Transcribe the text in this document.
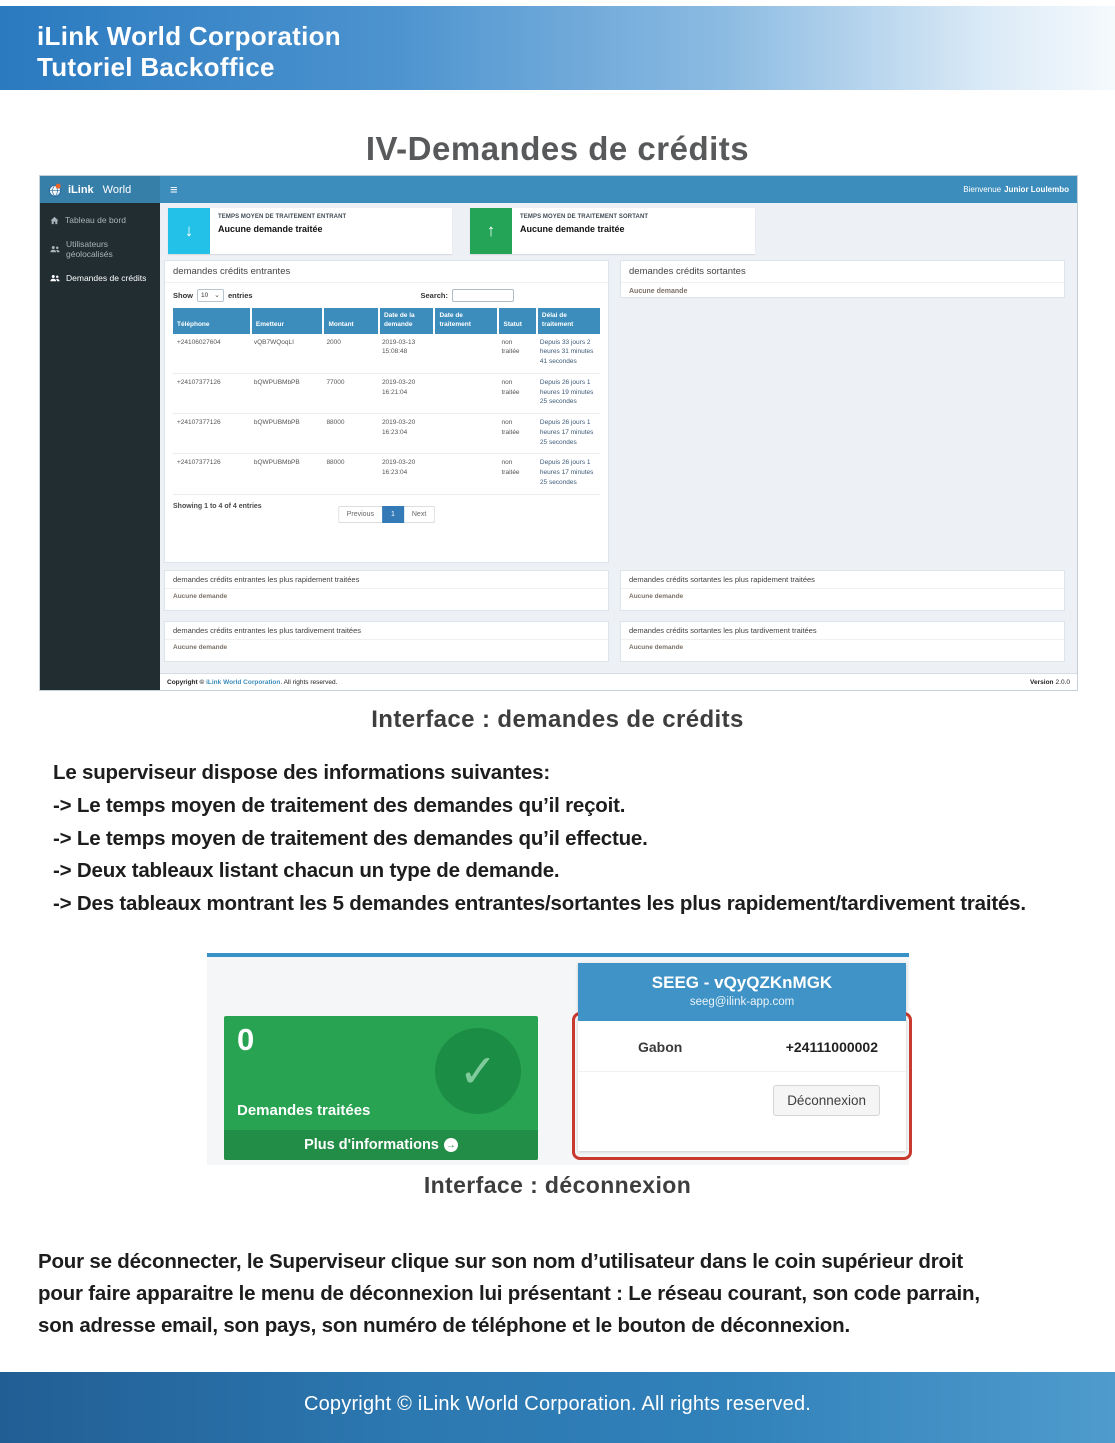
iLink World Corporation
Tutoriel Backoffice
IV-Demandes de crédits
iLink World	≡	Bienvenue Junior Loulembo
Tableau de bord
Utilisateurs géolocalisés
Demandes de crédits
↓
TEMPS MOYEN DE TRAITEMENT ENTRANT
Aucune demande traitée	↑
TEMPS MOYEN DE TRAITEMENT SORTANT
Aucune demande traitée
demandes crédits entrantes
Show 10 ⌄ entries	Search:
Téléphone	Emetteur	Montant	Date de la demande	Date de traitement	Statut	Délai de traitement
+24106027604	vQB7WQoqLI	2000	2019-03-13 15:08:48		non traitée	Depuis 33 jours 2 heures 31 minutes 41 secondes
+24107377126	bQWPUBMbPB	77000	2019-03-20 16:21:04		non traitée	Depuis 26 jours 1 heures 19 minutes 25 secondes
+24107377126	bQWPUBMbPB	88000	2019-03-20 16:23:04		non traitée	Depuis 26 jours 1 heures 17 minutes 25 secondes
+24107377126	bQWPUBMbPB	88000	2019-03-20 16:23:04		non traitée	Depuis 26 jours 1 heures 17 minutes 25 secondes
Showing 1 to 4 of 4 entries
Previous	1	Next
demandes crédits sortantes
Aucune demande
demandes crédits entrantes les plus rapidement traitées
Aucune demande
demandes crédits sortantes les plus rapidement traitées
Aucune demande
demandes crédits entrantes les plus tardivement traitées
Aucune demande
demandes crédits sortantes les plus tardivement traitées
Aucune demande
Copyright © iLink World Corporation. All rights reserved.	Version 2.0.0
Interface : demandes de crédits
Le superviseur dispose des informations suivantes:
-> Le temps moyen de traitement des demandes qu’il reçoit.
-> Le temps moyen de traitement des demandes qu’il effectue.
-> Deux tableaux listant chacun un type de demande.
-> Des tableaux montrant les 5 demandes entrantes/sortantes les plus rapidement/tardivement traités.
0
✓
Demandes traitées
Plus d'informations →
SEEG - vQyQZKnMGK
seeg@ilink-app.com
Gabon	+24111000002
Déconnexion
Interface : déconnexion
Pour se déconnecter, le Superviseur clique sur son nom d’utilisateur dans le coin supérieur droit pour faire apparaitre le menu de déconnexion lui présentant : Le réseau courant, son code parrain, son adresse email, son pays, son numéro de téléphone et le bouton de déconnexion.
Copyright © iLink World Corporation. All rights reserved.
